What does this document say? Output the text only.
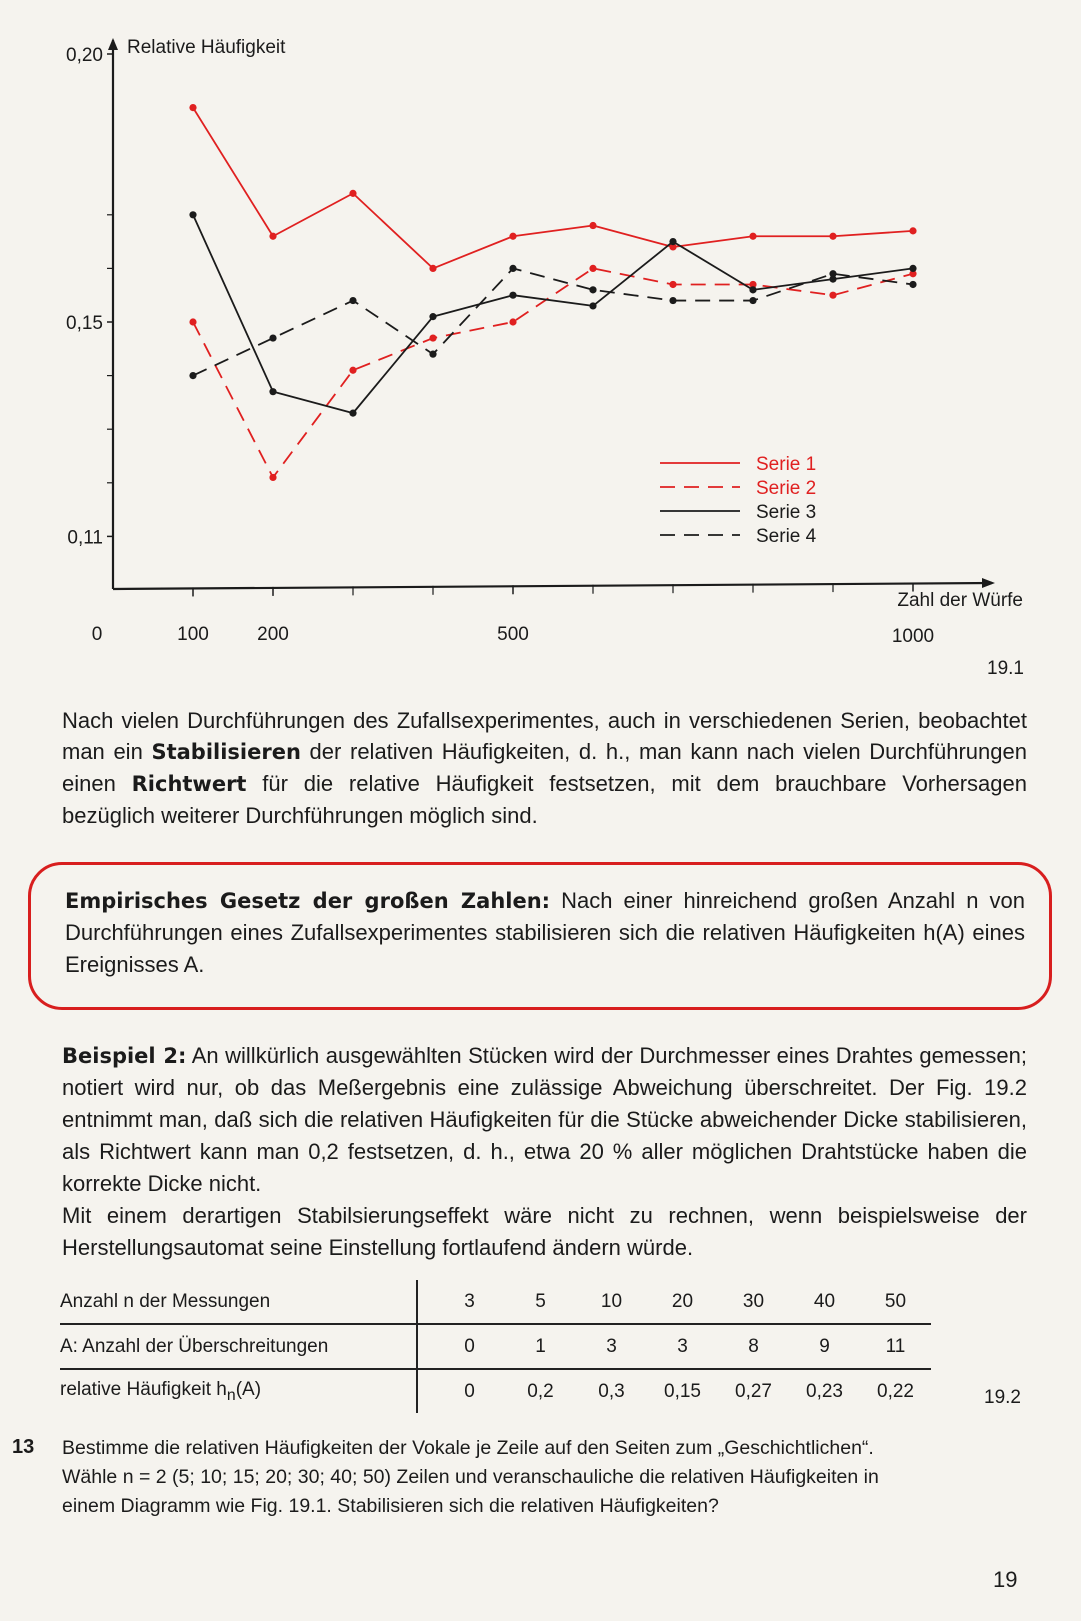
0,20
0,15
0,11
0	100	200	500	1000
Relative Häufigkeit
Zahl der Würfe
Serie 1
Serie 2
Serie 3
Serie 4
19.1

Nach vielen Durchführungen des Zufallsexperimentes, auch in verschiedenen Serien, beobachtet man ein Stabilisieren der relativen Häufigkeiten, d. h., man kann nach vielen Durchführungen einen Richtwert für die relative Häufigkeit festsetzen, mit dem brauchbare Vorhersagen bezüglich weiterer Durchführungen möglich sind.

Empirisches Gesetz der großen Zahlen: Nach einer hinreichend großen Anzahl n von Durchführungen eines Zufallsexperimentes stabilisieren sich die relativen Häufigkeiten h(A) eines Ereignisses A.

Beispiel 2: An willkürlich ausgewählten Stücken wird der Durchmesser eines Drahtes gemessen; notiert wird nur, ob das Meßergebnis eine zulässige Abweichung überschreitet. Der Fig. 19.2 entnimmt man, daß sich die relativen Häufigkeiten für die Stücke abweichender Dicke stabilisieren, als Richtwert kann man 0,2 festsetzen, d. h., etwa 20 % aller möglichen Drahtstücke haben die korrekte Dicke nicht.

Mit einem derartigen Stabilsierungseffekt wäre nicht zu rechnen, wenn beispielsweise der Herstellungsautomat seine Einstellung fortlaufend ändern würde.

Anzahl n der Messungen		3	5	10	20	30	40	50
A: Anzahl der Überschreitungen		0	1	3	3	8	9	11
relative Häufigkeit $h_n(A)$		0	0,2	0,3	0,15	0,27	0,23	0,22	19.2
13 Bestimme die relativen Häufigkeiten der Vokale je Zeile auf den Seiten zum „Geschichtlichen“.

Wähle n = 2 (5; 10; 15; 20; 30; 40; 50) Zeilen und veranschauliche die relativen Häufigkeiten in

einem Diagramm wie Fig. 19.1. Stabilisieren sich die relativen Häufigkeiten?

19
